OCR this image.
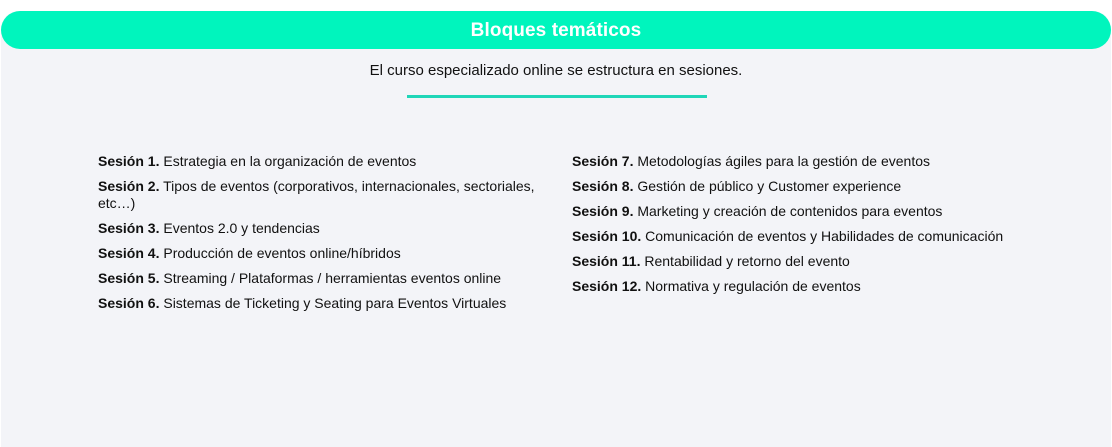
Bloques temáticos
El curso especializado online se estructura en sesiones.
Sesión 1. Estrategia en la organización de eventos
Sesión 2. Tipos de eventos (corporativos, internacionales, sectoriales, etc…)
Sesión 3. Eventos 2.0 y tendencias
Sesión 4. Producción de eventos online/híbridos
Sesión 5. Streaming / Plataformas / herramientas eventos online
Sesión 6. Sistemas de Ticketing y Seating para Eventos Virtuales
Sesión 7. Metodologías ágiles para la gestión de eventos
Sesión 8. Gestión de público y Customer experience
Sesión 9. Marketing y creación de contenidos para eventos
Sesión 10. Comunicación de eventos y Habilidades de comunicación
Sesión 11. Rentabilidad y retorno del evento
Sesión 12. Normativa y regulación de eventos
